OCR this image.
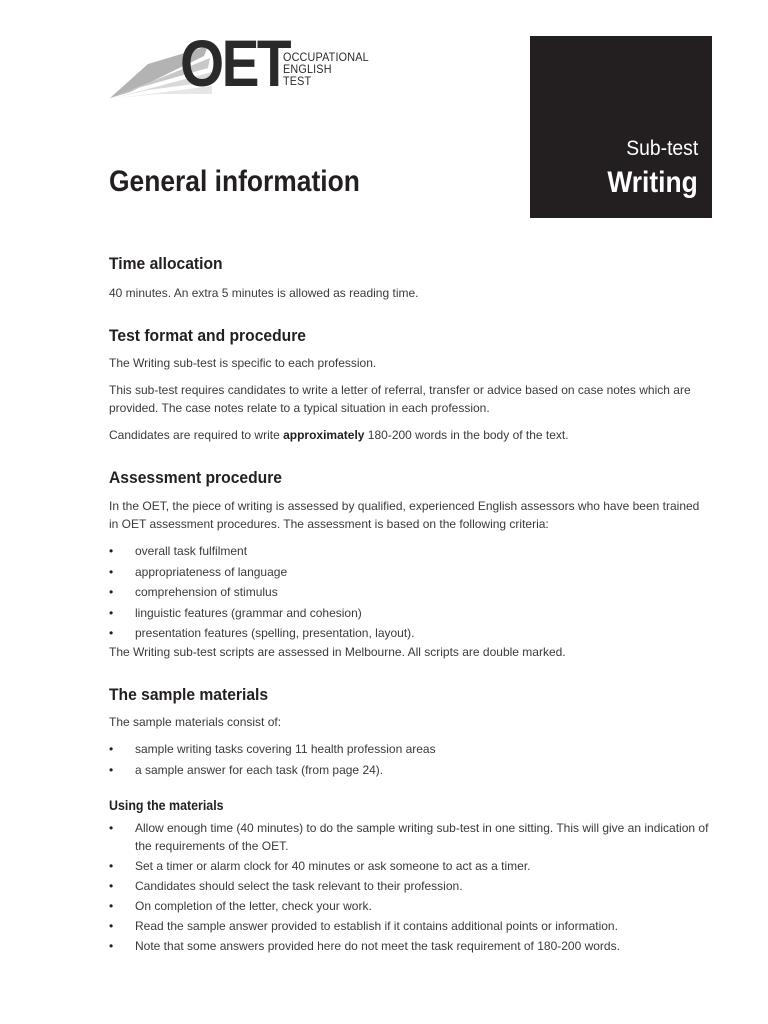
OET
OCCUPATIONAL
ENGLISH
TEST
Sub-test
Writing
General information
Time allocation

40 minutes. An extra 5 minutes is allowed as reading time.

Test format and procedure

The Writing sub-test is specific to each profession.

This sub-test requires candidates to write a letter of referral, transfer or advice based on case notes which are provided. The case notes relate to a typical situation in each profession.

Candidates are required to write approximately 180-200 words in the body of the text.

Assessment procedure

In the OET, the piece of writing is assessed by qualified, experienced English assessors who have been trained in OET assessment procedures. The assessment is based on the following criteria:

• overall task fulfilment
• appropriateness of language
• comprehension of stimulus
• linguistic features (grammar and cohesion)
• presentation features (spelling, presentation, layout).

The Writing sub-test scripts are assessed in Melbourne. All scripts are double marked.

The sample materials

The sample materials consist of:

• sample writing tasks covering 11 health profession areas
• a sample answer for each task (from page 24).
Using the materials
• Allow enough time (40 minutes) to do the sample writing sub-test in one sitting. This will give an indication of the requirements of the OET.
• Set a timer or alarm clock for 40 minutes or ask someone to act as a timer.
• Candidates should select the task relevant to their profession.
• On completion of the letter, check your work.
• Read the sample answer provided to establish if it contains additional points or information.
• Note that some answers provided here do not meet the task requirement of 180-200 words.
